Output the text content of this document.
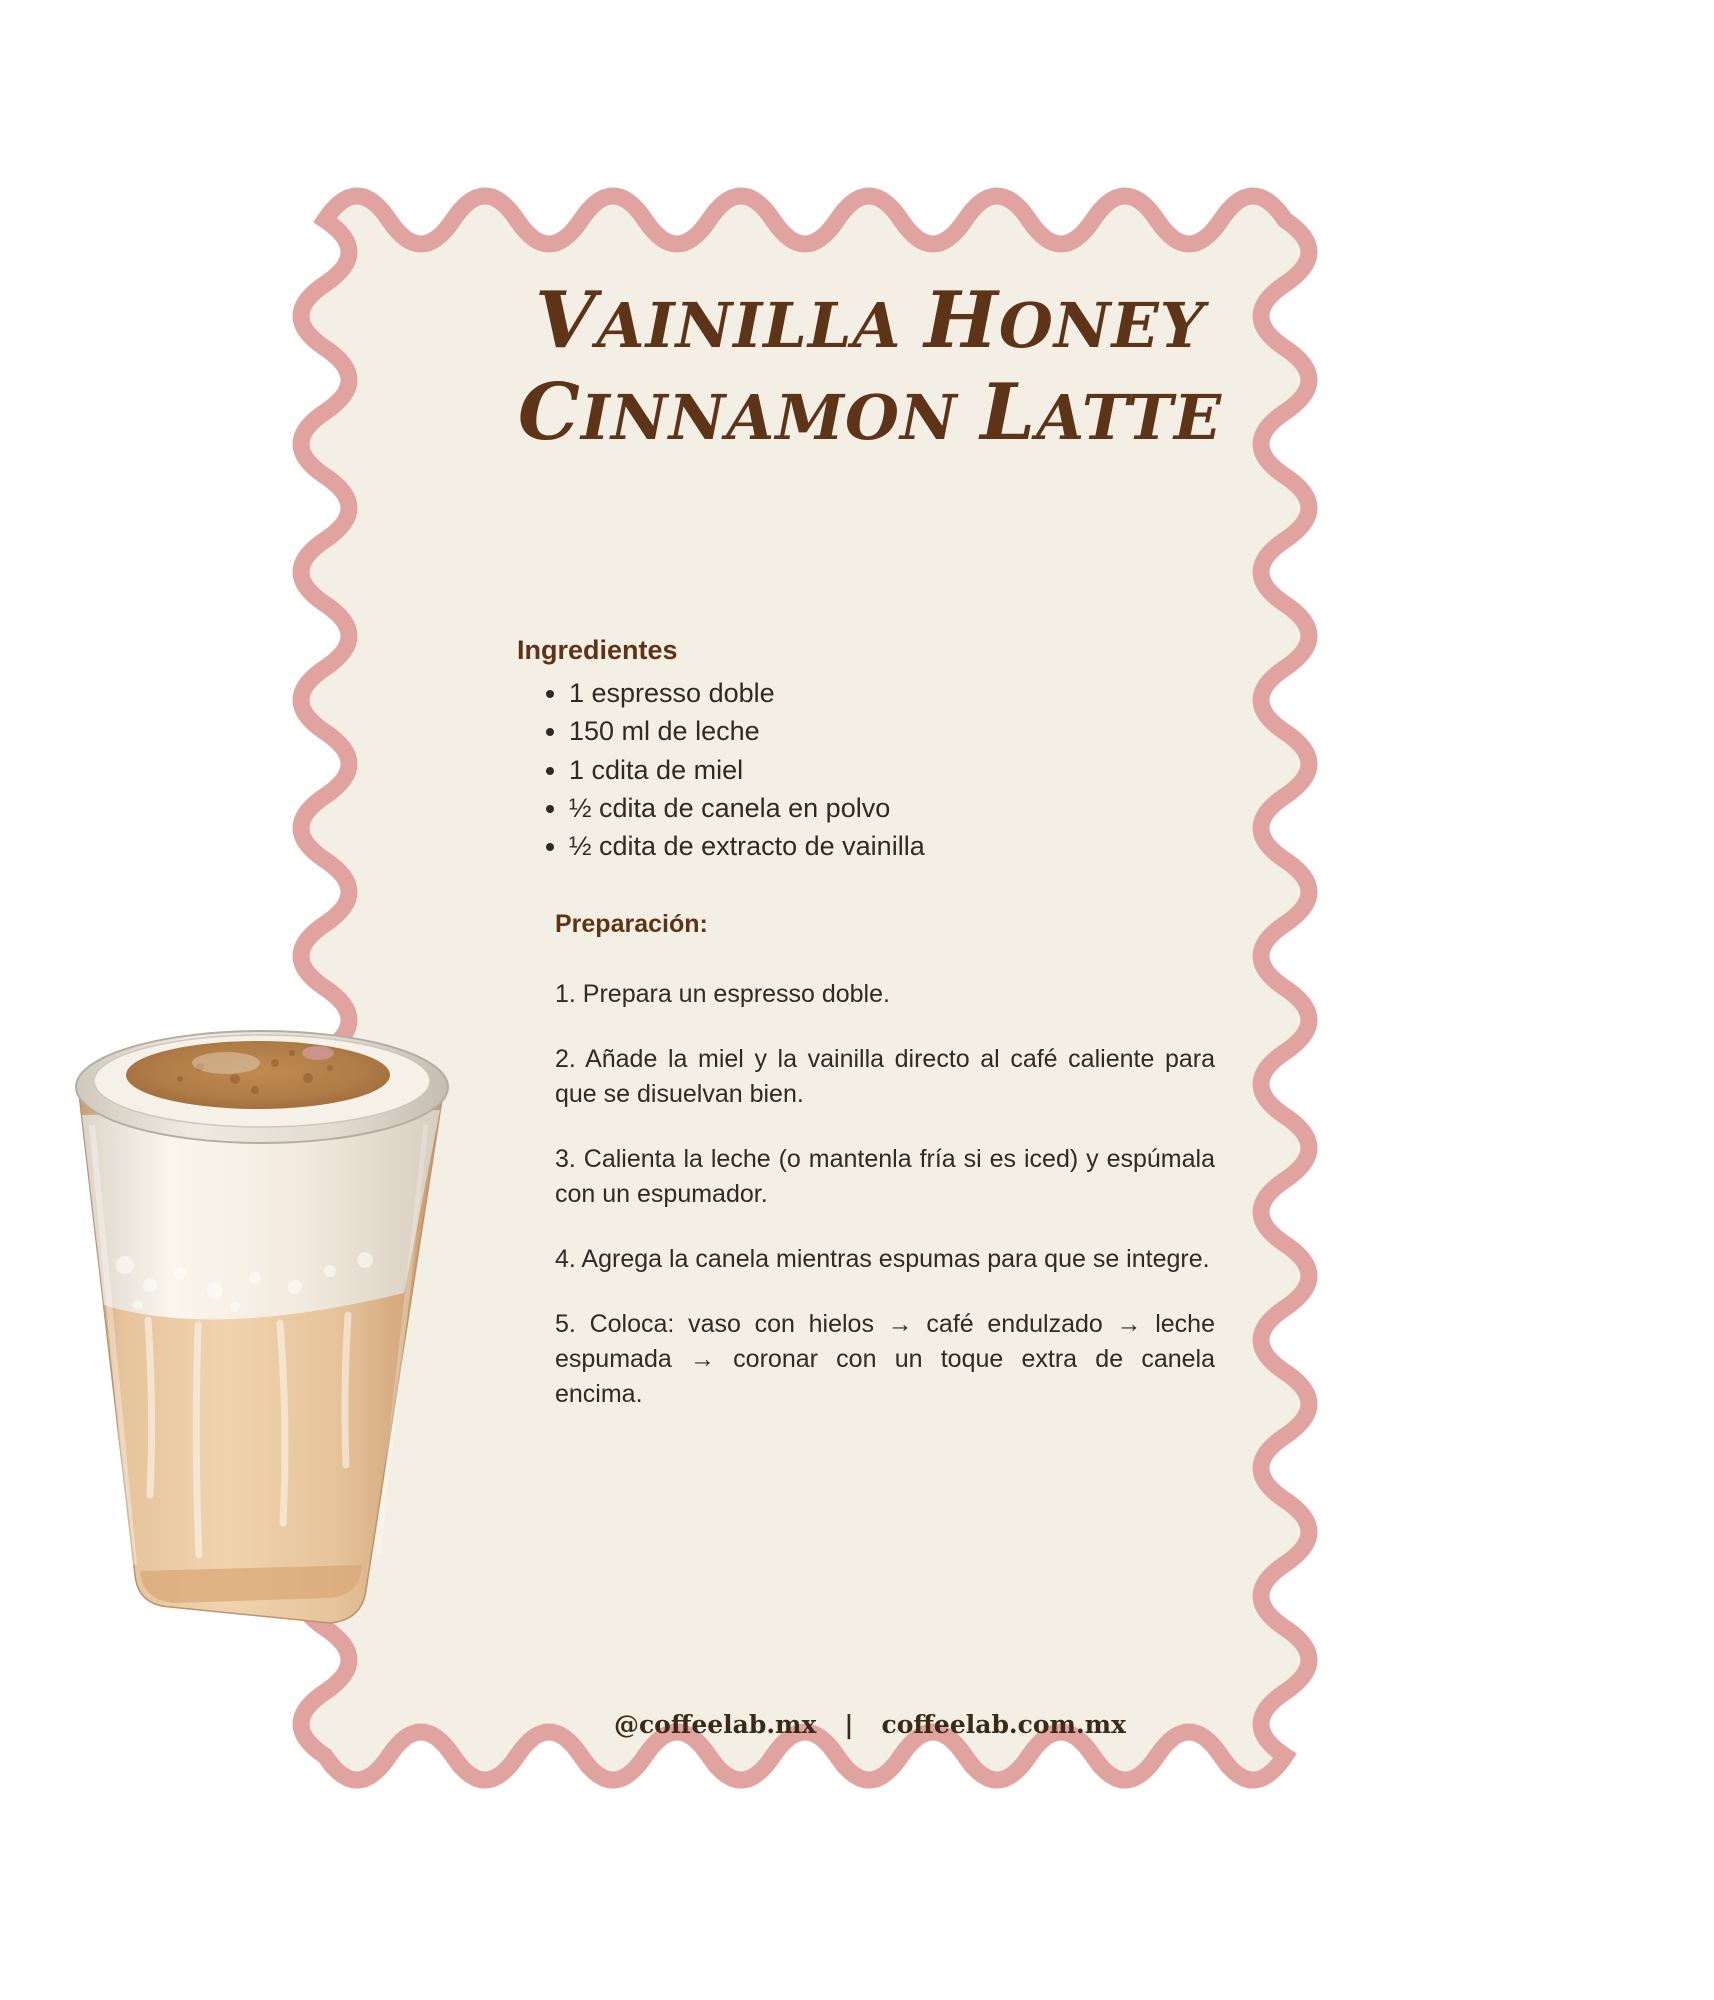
VAINILLA HONEY
CINNAMON LATTE
Ingredientes
• 1 espresso doble
• 150 ml de leche
• 1 cdita de miel
• ½ cdita de canela en polvo
• ½ cdita de extracto de vainilla
Preparación:

1. Prepara un espresso doble.

2. Añade la miel y la vainilla directo al café caliente para que se disuelvan bien.

3. Calienta la leche (o mantenla fría si es iced) y espúmala con un espumador.

4. Agrega la canela mientras espumas para que se integre.

5. Coloca: vaso con hielos → café endulzado → leche espumada → coronar con un toque extra de canela encima.

@coffeelab.mx | coffeelab.com.mx
